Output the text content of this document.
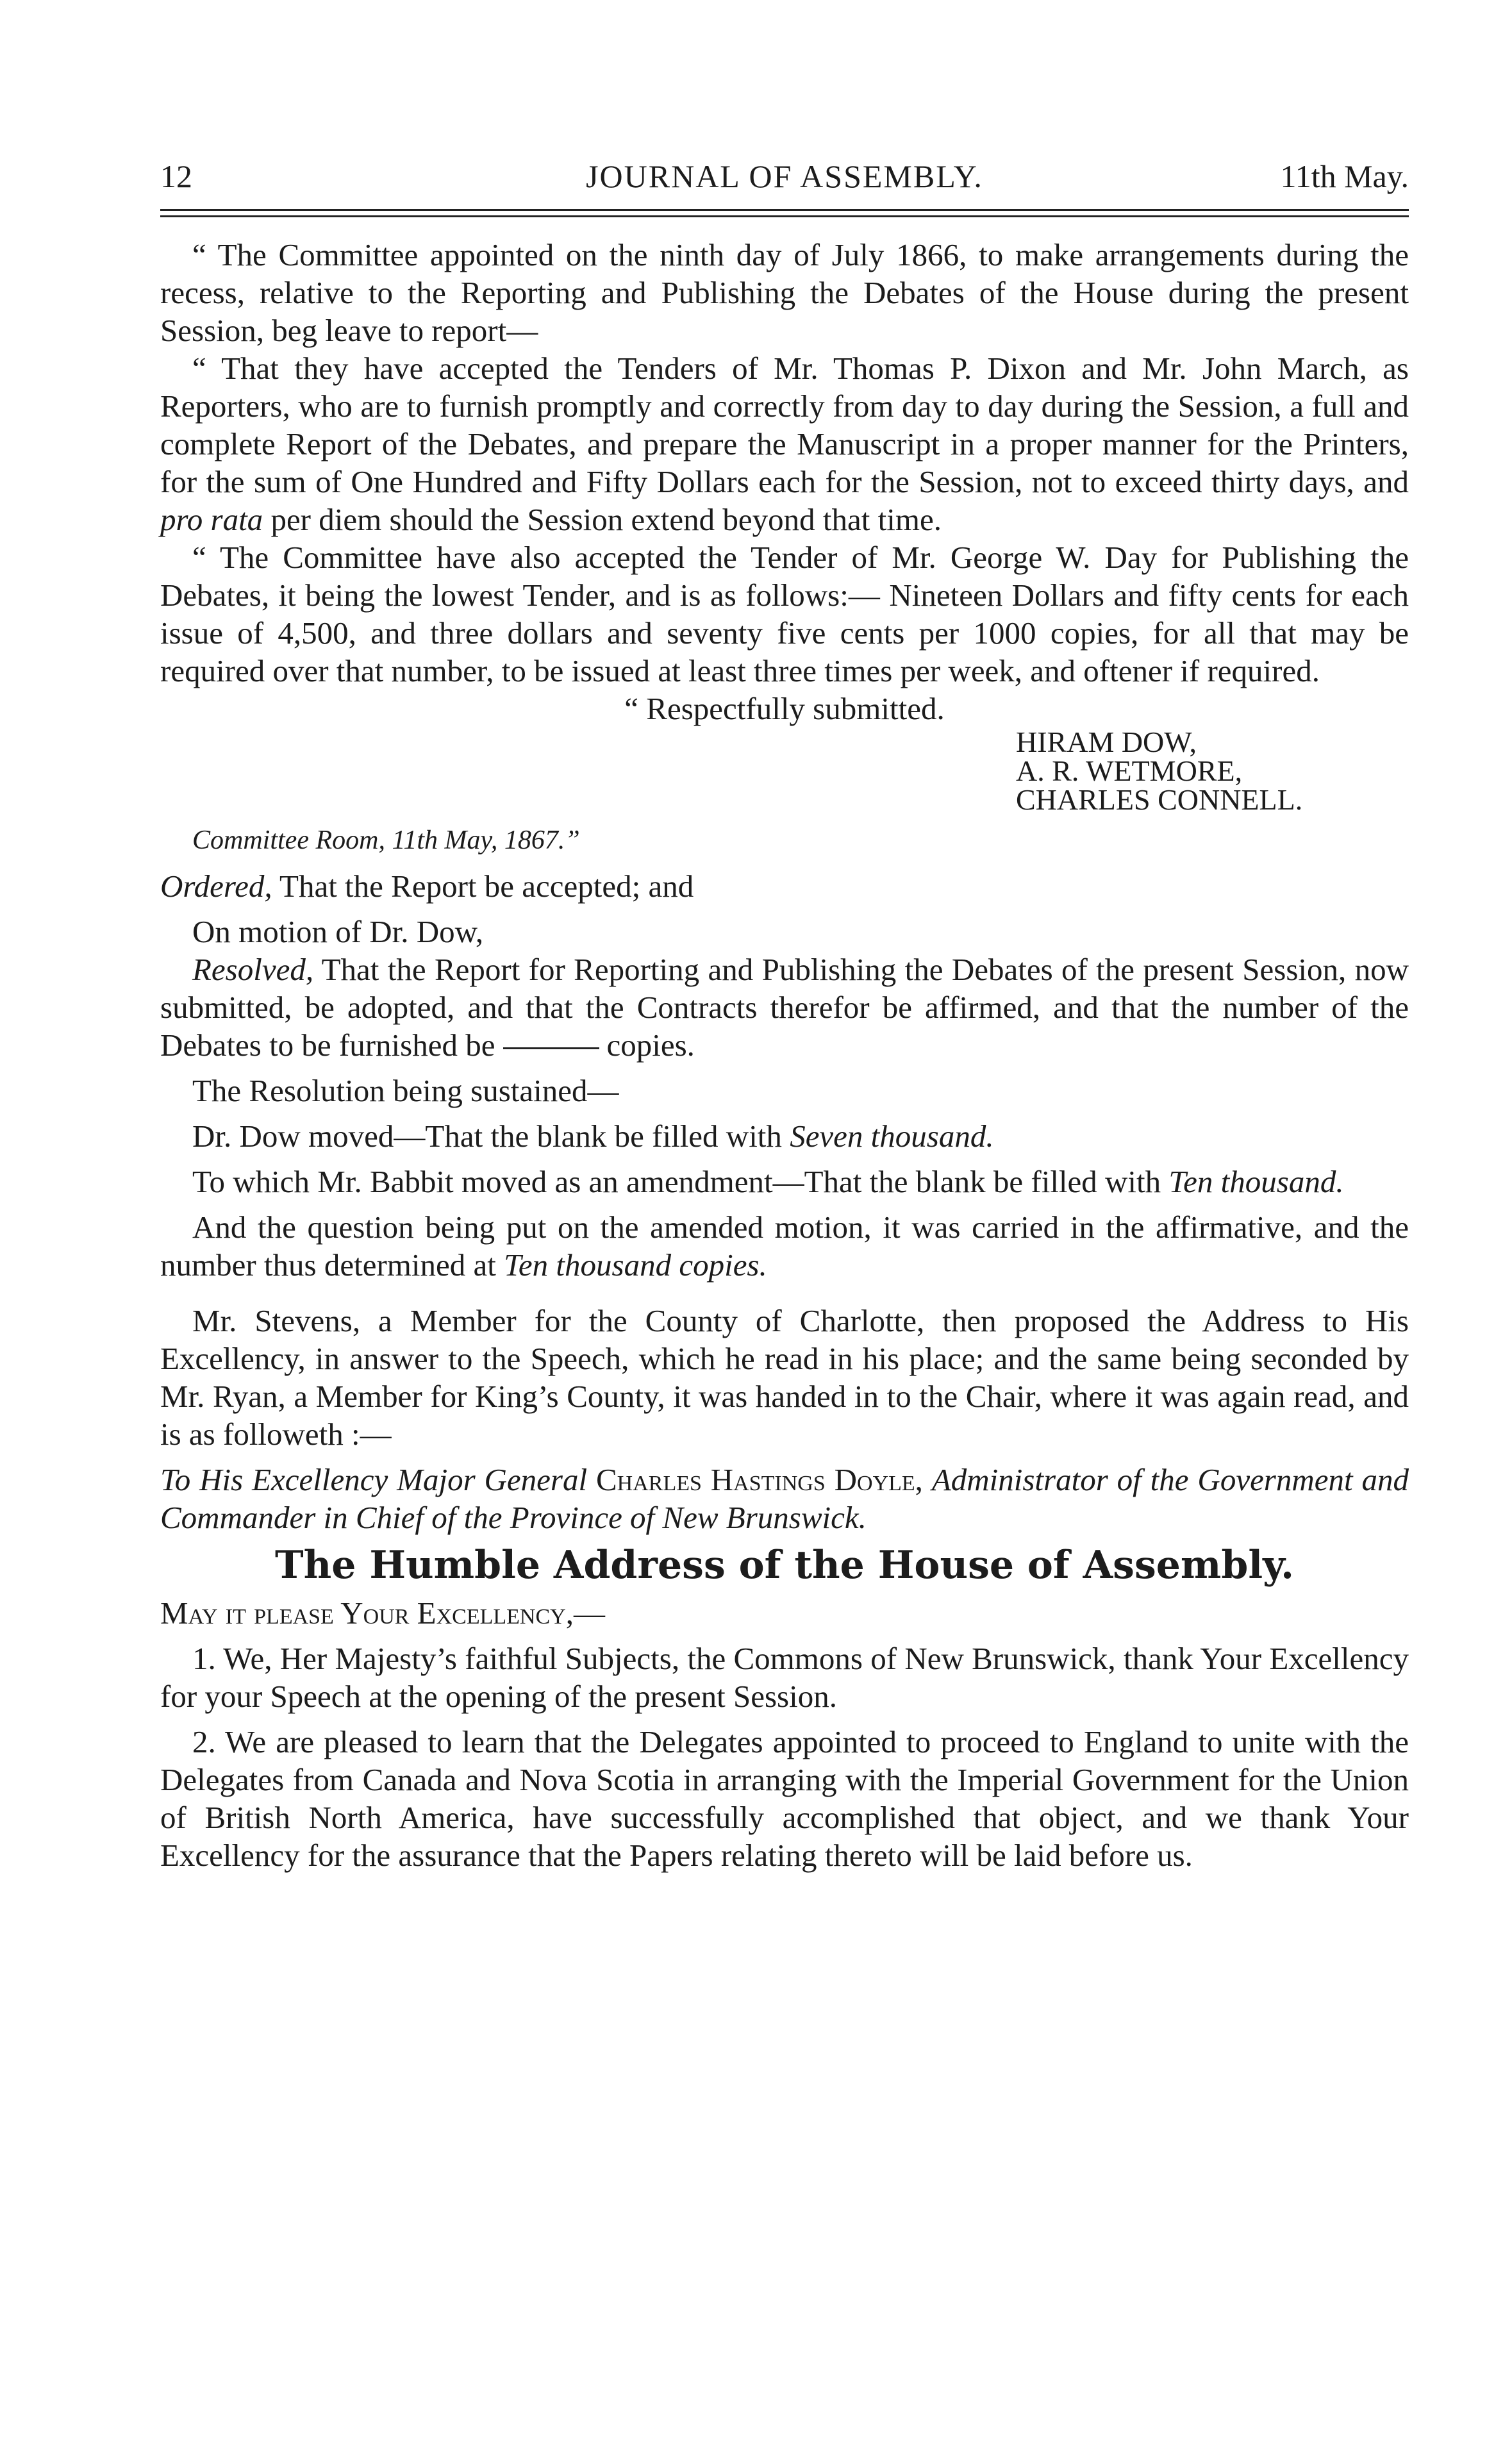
JOURNAL OF ASSEMBLY.
12	11th May.

“ The Committee appointed on the ninth day of July 1866, to make arrangements during the recess, relative to the Reporting and Publishing the Debates of the House during the present Session, beg leave to report—

“ That they have accepted the Tenders of Mr. Thomas P. Dixon and Mr. John March, as Reporters, who are to furnish promptly and correctly from day to day during the Session, a full and complete Report of the Debates, and prepare the Manuscript in a proper manner for the Printers, for the sum of One Hundred and Fifty Dollars each for the Session, not to exceed thirty days, and pro rata per diem should the Session extend beyond that time.

“ The Committee have also accepted the Tender of Mr. George W. Day for Publishing the Debates, it being the lowest Tender, and is as follows:— Nineteen Dollars and fifty cents for each issue of 4,500, and three dollars and seventy five cents per 1000 copies, for all that may be required over that number, to be issued at least three times per week, and oftener if required.

“ Respectfully submitted.

HIRAM DOW,
A. R. WETMORE,
CHARLES CONNELL.

Committee Room, 11th May, 1867.”

Ordered, That the Report be accepted; and

On motion of Dr. Dow,

Resolved, That the Report for Reporting and Publishing the Debates of the present Session, now submitted, be adopted, and that the Contracts therefor be affirmed, and that the number of the Debates to be furnished be	copies.

The Resolution being sustained—

Dr. Dow moved—That the blank be filled with Seven thousand.

To which Mr. Babbit moved as an amendment—That the blank be filled with Ten thousand.

And the question being put on the amended motion, it was carried in the affirmative, and the number thus determined at Ten thousand copies.

Mr. Stevens, a Member for the County of Charlotte, then proposed the Address to His Excellency, in answer to the Speech, which he read in his place; and the same being seconded by Mr. Ryan, a Member for King’s County, it was handed in to the Chair, where it was again read, and is as followeth :—

To His Excellency Major General Charles Hastings Doyle, Administrator of the Government and Commander in Chief of the Province of New Brunswick.

The Humble Address of the House of Assembly.

May it please Your Excellency,—

1. We, Her Majesty’s faithful Subjects, the Commons of New Brunswick, thank Your Excellency for your Speech at the opening of the present Session.

2. We are pleased to learn that the Delegates appointed to proceed to England to unite with the Delegates from Canada and Nova Scotia in arranging with the Imperial Government for the Union of British North America, have successfully accomplished that object, and we thank Your Excellency for the assurance that the Papers relating thereto will be laid before us.
